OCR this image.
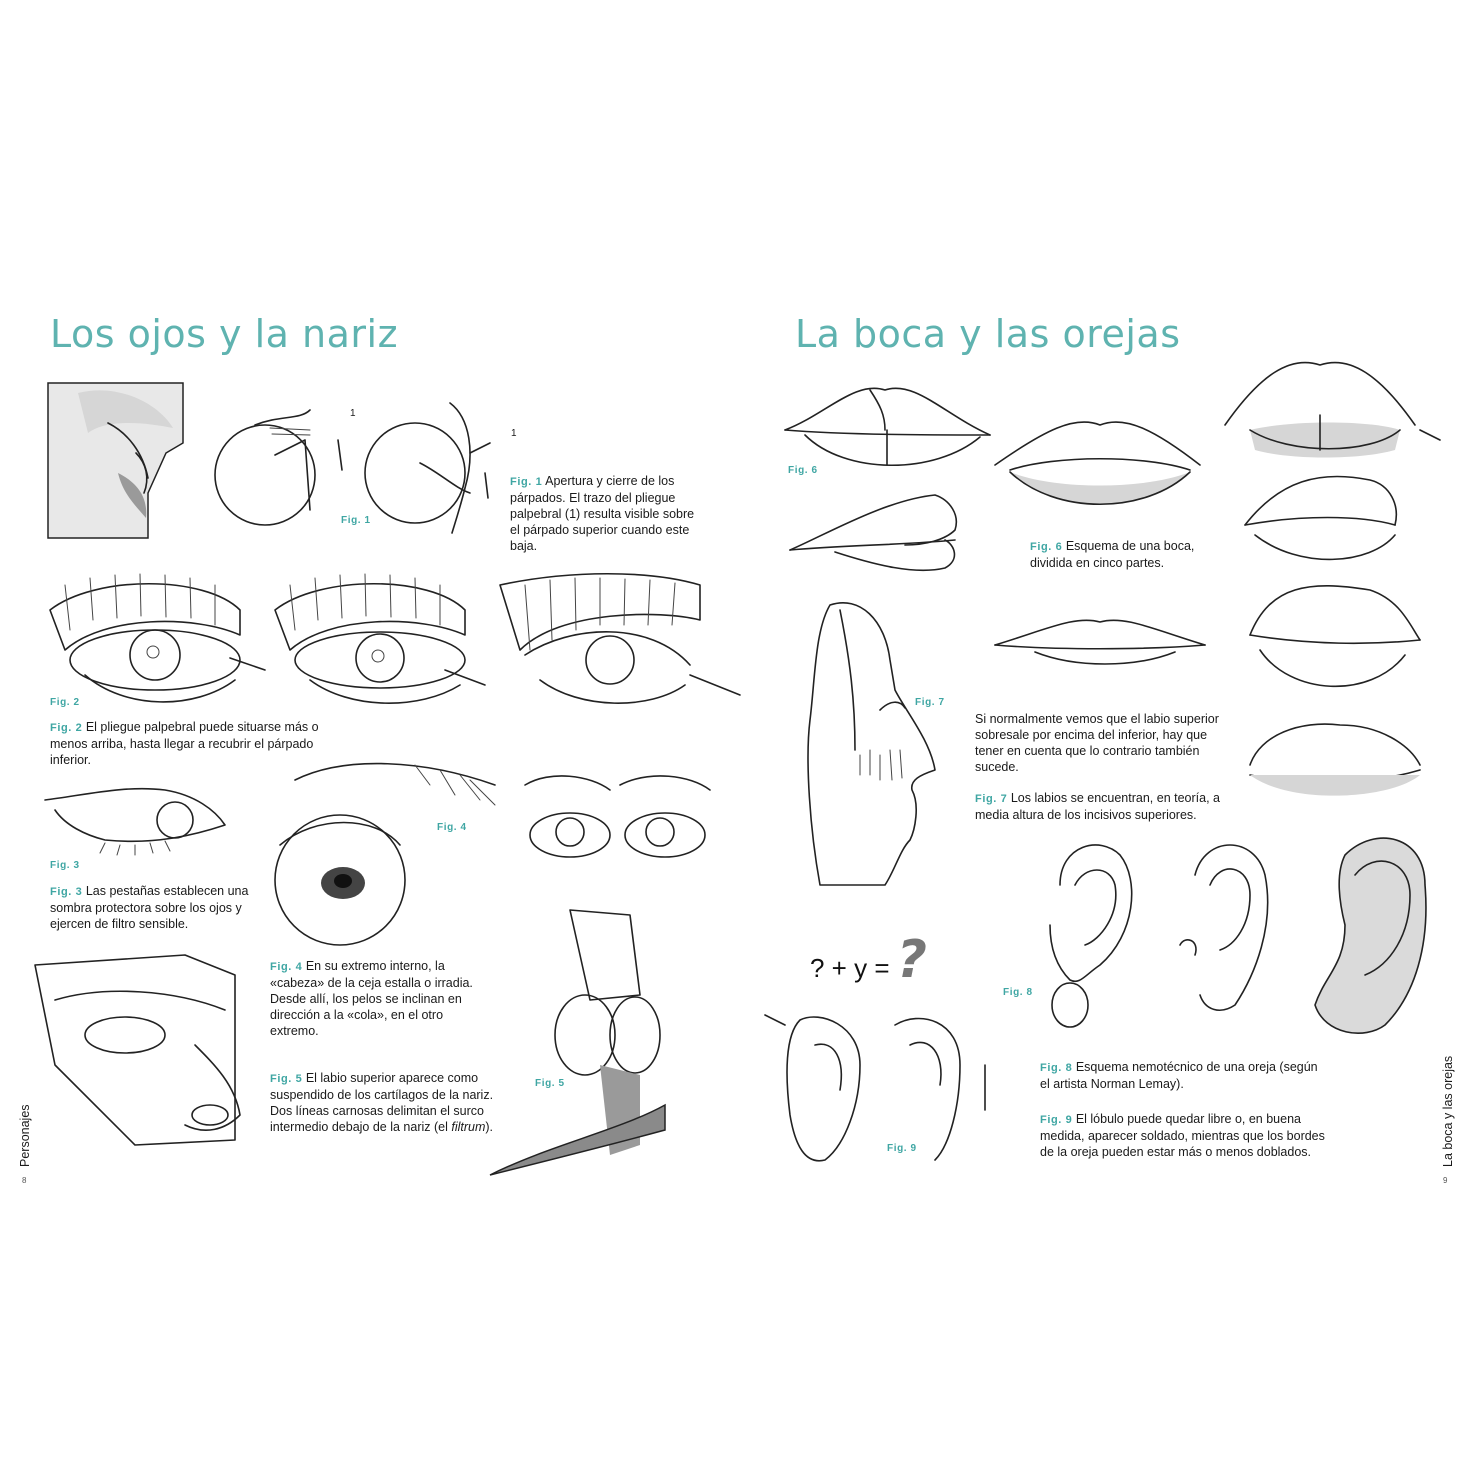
Los ojos y la nariz
1
1
Fig. 1
Fig. 1 Apertura y cierre de los párpados. El trazo del pliegue palpebral (1) resulta visible sobre el párpado superior cuando este baja.
Fig. 2
Fig. 2 El pliegue palpebral puede situarse más o menos arriba, hasta llegar a recubrir el párpado inferior.
Fig. 3
Fig. 3 Las pestañas establecen una sombra protectora sobre los ojos y ejercen de filtro sensible.
Fig. 4
Fig. 4 En su extremo interno, la «cabeza» de la ceja estalla o irradia. Desde allí, los pelos se inclinan en dirección a la «cola», en el otro extremo.
Fig. 5 El labio superior aparece como suspendido de los cartílagos de la nariz. Dos líneas carnosas delimitan el surco intermedio debajo de la nariz (el filtrum).
Fig. 5
Personajes
8
La boca y las orejas
Fig. 6
Fig. 6 Esquema de una boca, dividida en cinco partes.
Fig. 7
Si normalmente vemos que el labio superior sobresale por encima del inferior, hay que tener en cuenta que lo contrario también sucede.
Fig. 7 Los labios se encuentran, en teoría, a media altura de los incisivos superiores.
? + y = ?
Fig. 8
Fig. 8 Esquema nemotécnico de una oreja (según el artista Norman Lemay).
Fig. 9 El lóbulo puede quedar libre o, en buena medida, aparecer soldado, mientras que los bordes de la oreja pueden estar más o menos doblados.
Fig. 9	La boca y las orejas
9
